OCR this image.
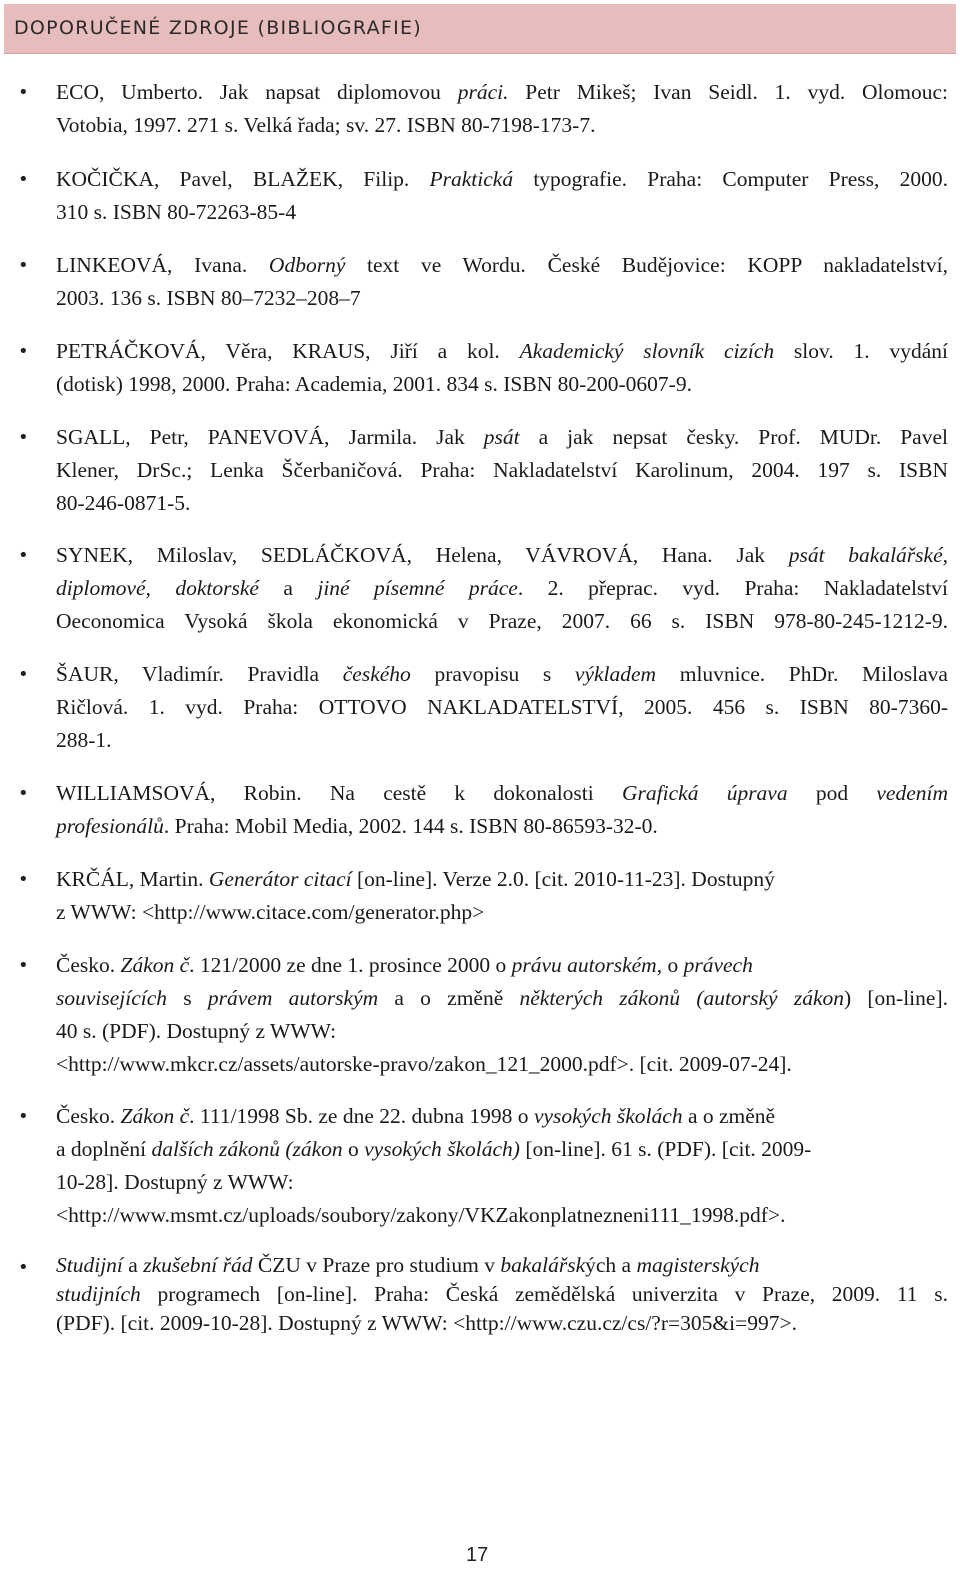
DOPORUČENÉ ZDROJE (BIBLIOGRAFIE)
• ECO, Umberto. Jak napsat diplomovou práci. Petr Mikeš; Ivan Seidl. 1. vyd. Olomouc:
Votobia, 1997. 271 s. Velká řada; sv. 27. ISBN 80-7198-173-7.
• KOČIČKA, Pavel, BLAŽEK, Filip. Praktická typografie. Praha: Computer Press, 2000.
310 s. ISBN 80-72263-85-4
• LINKEOVÁ, Ivana. Odborný text ve Wordu. České Budějovice: KOPP nakladatelství,
2003. 136 s. ISBN 80–7232–208–7
• PETRÁČKOVÁ, Věra, KRAUS, Jiří a kol. Akademický slovník cizích slov. 1. vydání
(dotisk) 1998, 2000. Praha: Academia, 2001. 834 s. ISBN 80-200-0607-9.
• SGALL, Petr, PANEVOVÁ, Jarmila. Jak psát a jak nepsat česky. Prof. MUDr. Pavel
Klener, DrSc.; Lenka Ščerbaničová. Praha: Nakladatelství Karolinum, 2004. 197 s. ISBN
80-246-0871-5.
• SYNEK, Miloslav, SEDLÁČKOVÁ, Helena, VÁVROVÁ, Hana. Jak psát bakalářské,
diplomové, doktorské a jiné písemné práce. 2. přeprac. vyd. Praha: Nakladatelství
Oeconomica Vysoká škola ekonomická v Praze, 2007. 66 s. ISBN 978-80-245-1212-9.
• ŠAUR, Vladimír. Pravidla českého pravopisu s výkladem mluvnice. PhDr. Miloslava
Ričlová. 1. vyd. Praha: OTTOVO NAKLADATELSTVÍ, 2005. 456 s. ISBN 80-7360-
288-1.
• WILLIAMSOVÁ, Robin. Na cestě k dokonalosti Grafická úprava pod vedením
profesionálů. Praha: Mobil Media, 2002. 144 s. ISBN 80-86593-32-0.
• KRČÁL, Martin. Generátor citací [on-line]. Verze 2.0. [cit. 2010-11-23]. Dostupný
z WWW: <http://www.citace.com/generator.php>
• Česko. Zákon č. 121/2000 ze dne 1. prosince 2000 o právu autorském, o právech
souvisejících s právem autorským a o změně některých zákonů (autorský zákon) [on-line].
40 s. (PDF). Dostupný z WWW:
<http://www.mkcr.cz/assets/autorske-pravo/zakon_121_2000.pdf>. [cit. 2009-07-24].
• Česko. Zákon č. 111/1998 Sb. ze dne 22. dubna 1998 o vysokých školách a o změně
a doplnění dalších zákonů (zákon o vysokých školách) [on-line]. 61 s. (PDF). [cit. 2009-
10-28]. Dostupný z WWW:
<http://www.msmt.cz/uploads/soubory/zakony/VKZakonplatnezneni111_1998.pdf>.
• Studijní a zkušební řád ČZU v Praze pro studium v bakalářských a magisterských
studijních programech [on-line]. Praha: Česká zemědělská univerzita v Praze, 2009. 11 s.
(PDF). [cit. 2009-10-28]. Dostupný z WWW: <http://www.czu.cz/cs/?r=305&i=997>.
17
